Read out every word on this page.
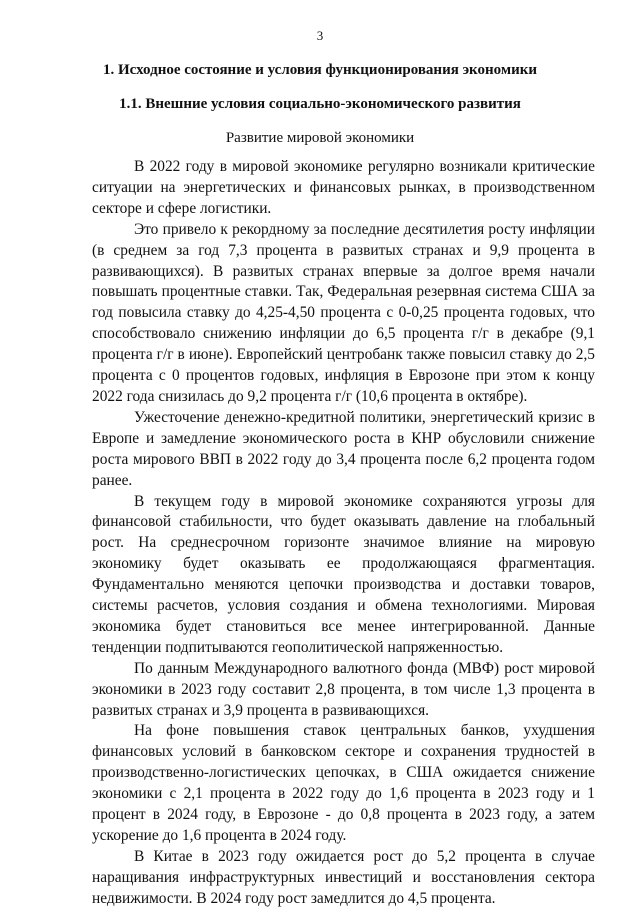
3
1. Исходное состояние и условия функционирования экономики
1.1. Внешние условия социально-экономического развития
Развитие мировой экономики

В 2022 году в мировой экономике регулярно возникали критические ситуации на энергетических и финансовых рынках, в производственном секторе и сфере логистики.

Это привело к рекордному за последние десятилетия росту инфляции (в среднем за год 7,3 процента в развитых странах и 9,9 процента в развивающихся). В развитых странах впервые за долгое время начали повышать процентные ставки. Так, Федеральная резервная система США за год повысила ставку до 4,25-4,50 процента с 0-0,25 процента годовых, что способствовало снижению инфляции до 6,5 процента г/г в декабре (9,1 процента г/г в июне). Европейский центробанк также повысил ставку до 2,5 процента с 0 процентов годовых, инфляция в Еврозоне при этом к концу 2022 года снизилась до 9,2 процента г/г (10,6 процента в октябре).

Ужесточение денежно-кредитной политики, энергетический кризис в Европе и замедление экономического роста в КНР обусловили снижение роста мирового ВВП в 2022 году до 3,4 процента после 6,2 процента годом ранее.

В текущем году в мировой экономике сохраняются угрозы для финансовой стабильности, что будет оказывать давление на глобальный рост. На среднесрочном горизонте значимое влияние на мировую экономику будет оказывать ее продолжающаяся фрагментация. Фундаментально меняются цепочки производства и доставки товаров, системы расчетов, условия создания и обмена технологиями. Мировая экономика будет становиться все менее интегрированной. Данные тенденции подпитываются геополитической напряженностью.

По данным Международного валютного фонда (МВФ) рост мировой экономики в 2023 году составит 2,8 процента, в том числе 1,3 процента в развитых странах и 3,9 процента в развивающихся.

На фоне повышения ставок центральных банков, ухудшения финансовых условий в банковском секторе и сохранения трудностей в производственно-логистических цепочках, в США ожидается снижение экономики с 2,1 процента в 2022 году до 1,6 процента в 2023 году и 1 процент в 2024 году, в Еврозоне - до 0,8 процента в 2023 году, а затем ускорение до 1,6 процента в 2024 году.

В Китае в 2023 году ожидается рост до 5,2 процента в случае наращивания инфраструктурных инвестиций и восстановления сектора недвижимости. В 2024 году рост замедлится до 4,5 процента.
